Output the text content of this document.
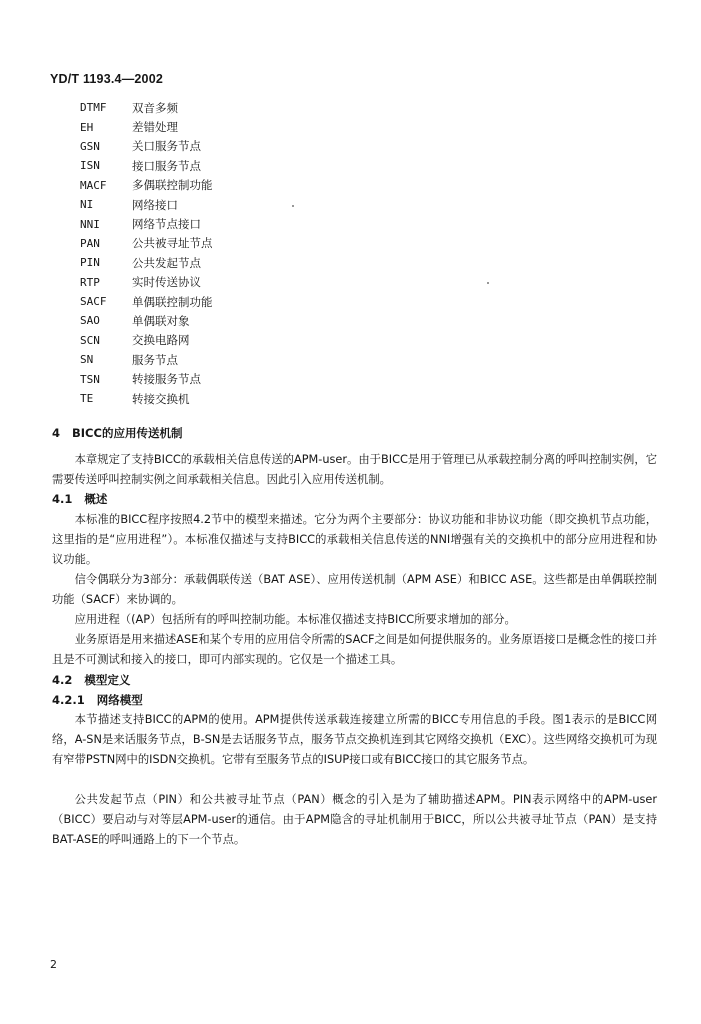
YD/T 1193.4—2002
DTMF	双音多频
EH	差错处理
GSN	关口服务节点
ISN	接口服务节点
MACF	多偶联控制功能
NI	网络接口
NNI	网络节点接口
PAN	公共被寻址节点
PIN	公共发起节点
RTP	实时传送协议
SACF	单偶联控制功能
SAO	单偶联对象
SCN	交换电路网
SN	服务节点
TSN	转接服务节点
TE	转接交换机
4 BICC的应用传送机制
本章规定了支持BICC的承载相关信息传送的APM-user。由于BICC是用于管理已从承载控制分离的呼叫控制实例，它需要传送呼叫控制实例之间承载相关信息。因此引入应用传送机制。
4.1 概述
本标准的BICC程序按照4.2节中的模型来描述。它分为两个主要部分：协议功能和非协议功能（即交换机节点功能，这里指的是“应用进程”）。本标准仅描述与支持BICC的承载相关信息传送的NNI增强有关的交换机中的部分应用进程和协议功能。
信令偶联分为3部分：承载偶联传送（BAT ASE）、应用传送机制（APM ASE）和BICC ASE。这些都是由单偶联控制功能（SACF）来协调的。
应用进程（(AP）包括所有的呼叫控制功能。本标准仅描述支持BICC所要求增加的部分。
业务原语是用来描述ASE和某个专用的应用信令所需的SACF之间是如何提供服务的。业务原语接口是概念性的接口并且是不可测试和接入的接口，即可内部实现的。它仅是一个描述工具。
4.2 模型定义
4.2.1 网络模型
本节描述支持BICC的APM的使用。APM提供传送承载连接建立所需的BICC专用信息的手段。图1表示的是BICC网络，A-SN是来话服务节点，B-SN是去话服务节点，服务节点交换机连到其它网络交换机（EXC）。这些网络交换机可为现有窄带PSTN网中的ISDN交换机。它带有至服务节点的ISUP接口或有BICC接口的其它服务节点。
公共发起节点（PIN）和公共被寻址节点（PAN）概念的引入是为了辅助描述APM。PIN表示网络中的APM-user（BICC）要启动与对等层APM-user的通信。由于APM隐含的寻址机制用于BICC，所以公共被寻址节点（PAN）是支持BAT-ASE的呼叫通路上的下一个节点。
2
